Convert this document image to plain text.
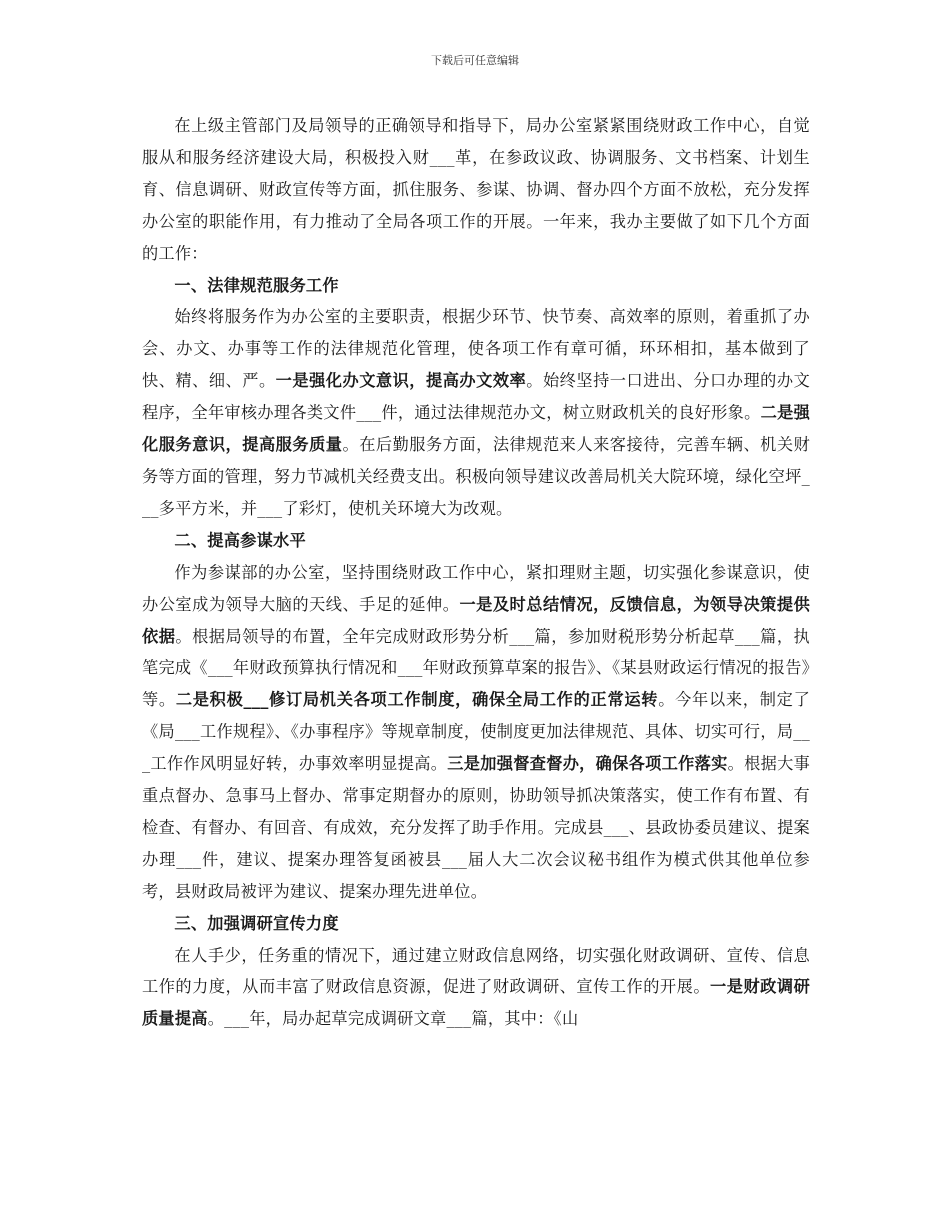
下载后可任意编辑

在上级主管部门及局领导的正确领导和指导下，局办公室紧紧围绕财政工作中心，自觉服从和服务经济建设大局，积极投入财___革，在参政议政、协调服务、文书档案、计划生育、信息调研、财政宣传等方面，抓住服务、参谋、协调、督办四个方面不放松，充分发挥办公室的职能作用，有力推动了全局各项工作的开展。一年来，我办主要做了如下几个方面的工作：

一、法律规范服务工作

始终将服务作为办公室的主要职责，根据少环节、快节奏、高效率的原则，着重抓了办会、办文、办事等工作的法律规范化管理，使各项工作有章可循，环环相扣，基本做到了快、精、细、严。一是强化办文意识，提高办文效率。始终坚持一口进出、分口办理的办文程序，全年审核办理各类文件___件，通过法律规范办文，树立财政机关的良好形象。二是强化服务意识，提高服务质量。在后勤服务方面，法律规范来人来客接待，完善车辆、机关财务等方面的管理，努力节减机关经费支出。积极向领导建议改善局机关大院环境，绿化空坪___多平方米，并___了彩灯，使机关环境大为改观。

二、提高参谋水平

作为参谋部的办公室，坚持围绕财政工作中心，紧扣理财主题，切实强化参谋意识，使办公室成为领导大脑的天线、手足的延伸。一是及时总结情况，反馈信息，为领导决策提供依据。根据局领导的布置，全年完成财政形势分析___篇，参加财税形势分析起草___篇，执笔完成《___年财政预算执行情况和___年财政预算草案的报告》、《某县财政运行情况的报告》等。二是积极___修订局机关各项工作制度，确保全局工作的正常运转。今年以来，制定了《局___工作规程》、《办事程序》等规章制度，使制度更加法律规范、具体、切实可行，局___工作作风明显好转，办事效率明显提高。三是加强督查督办，确保各项工作落实。根据大事重点督办、急事马上督办、常事定期督办的原则，协助领导抓决策落实，使工作有布置、有检查、有督办、有回音、有成效，充分发挥了助手作用。完成县___、县政协委员建议、提案办理___件，建议、提案办理答复函被县___届人大二次会议秘书组作为模式供其他单位参考，县财政局被评为建议、提案办理先进单位。

三、加强调研宣传力度

在人手少，任务重的情况下，通过建立财政信息网络，切实强化财政调研、宣传、信息工作的力度，从而丰富了财政信息资源，促进了财政调研、宣传工作的开展。一是财政调研质量提高。___年，局办起草完成调研文章___篇，其中：《山
